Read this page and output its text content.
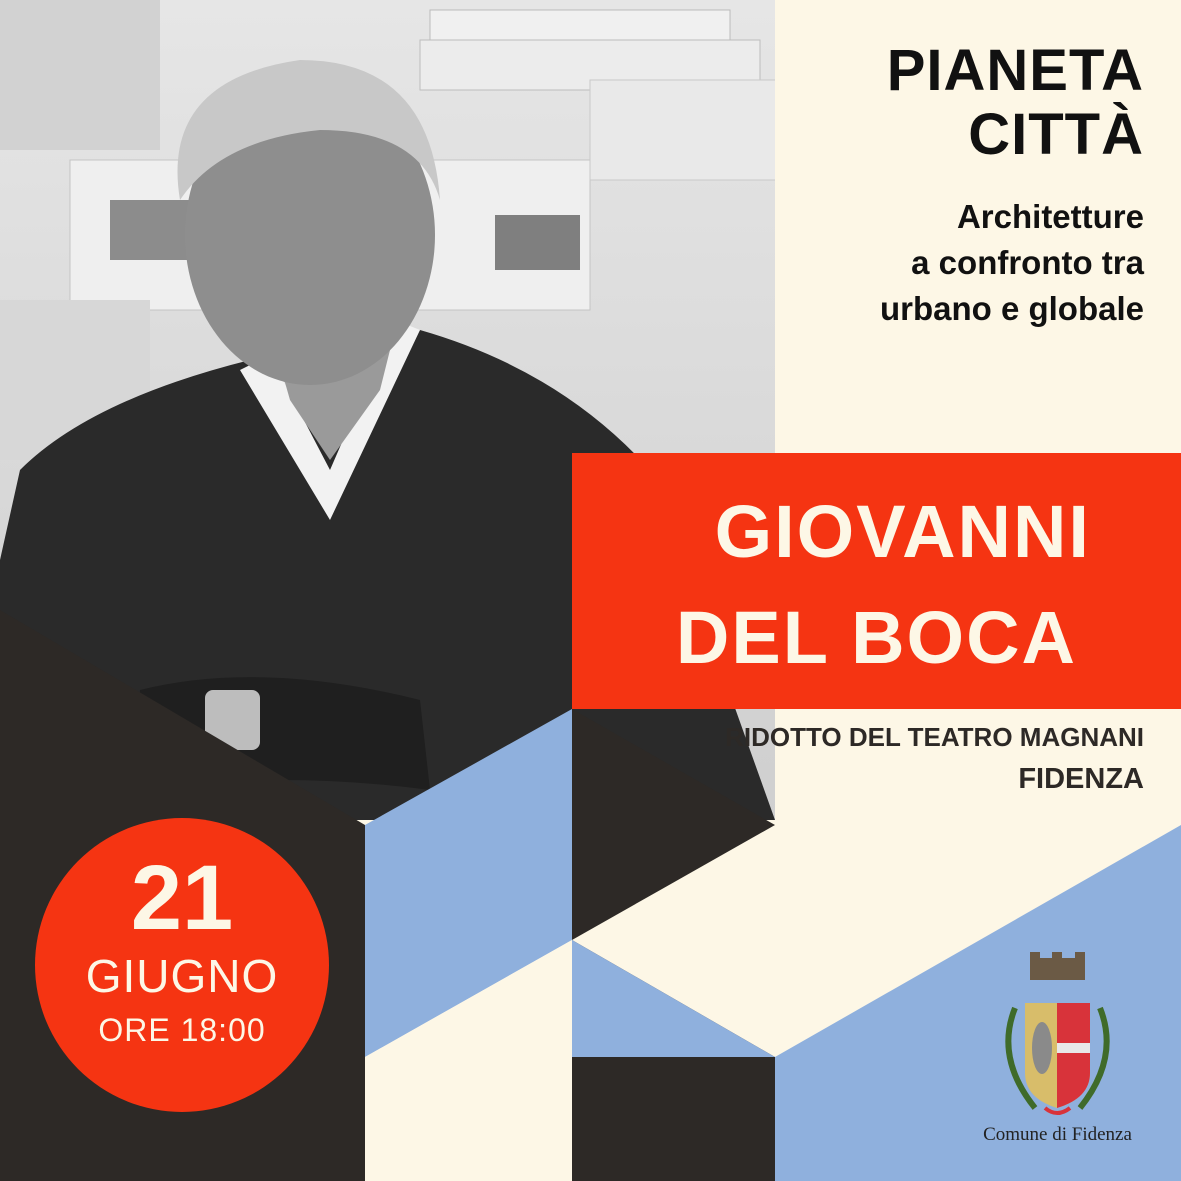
PIANETA
CITTÀ
Architetture
a confronto tra
urbano e globale
GIOVANNI
DEL BOCA
RIDOTTO DEL TEATRO MAGNANI
FIDENZA
21
GIUGNO
ORE 18:00
Comune di Fidenza
